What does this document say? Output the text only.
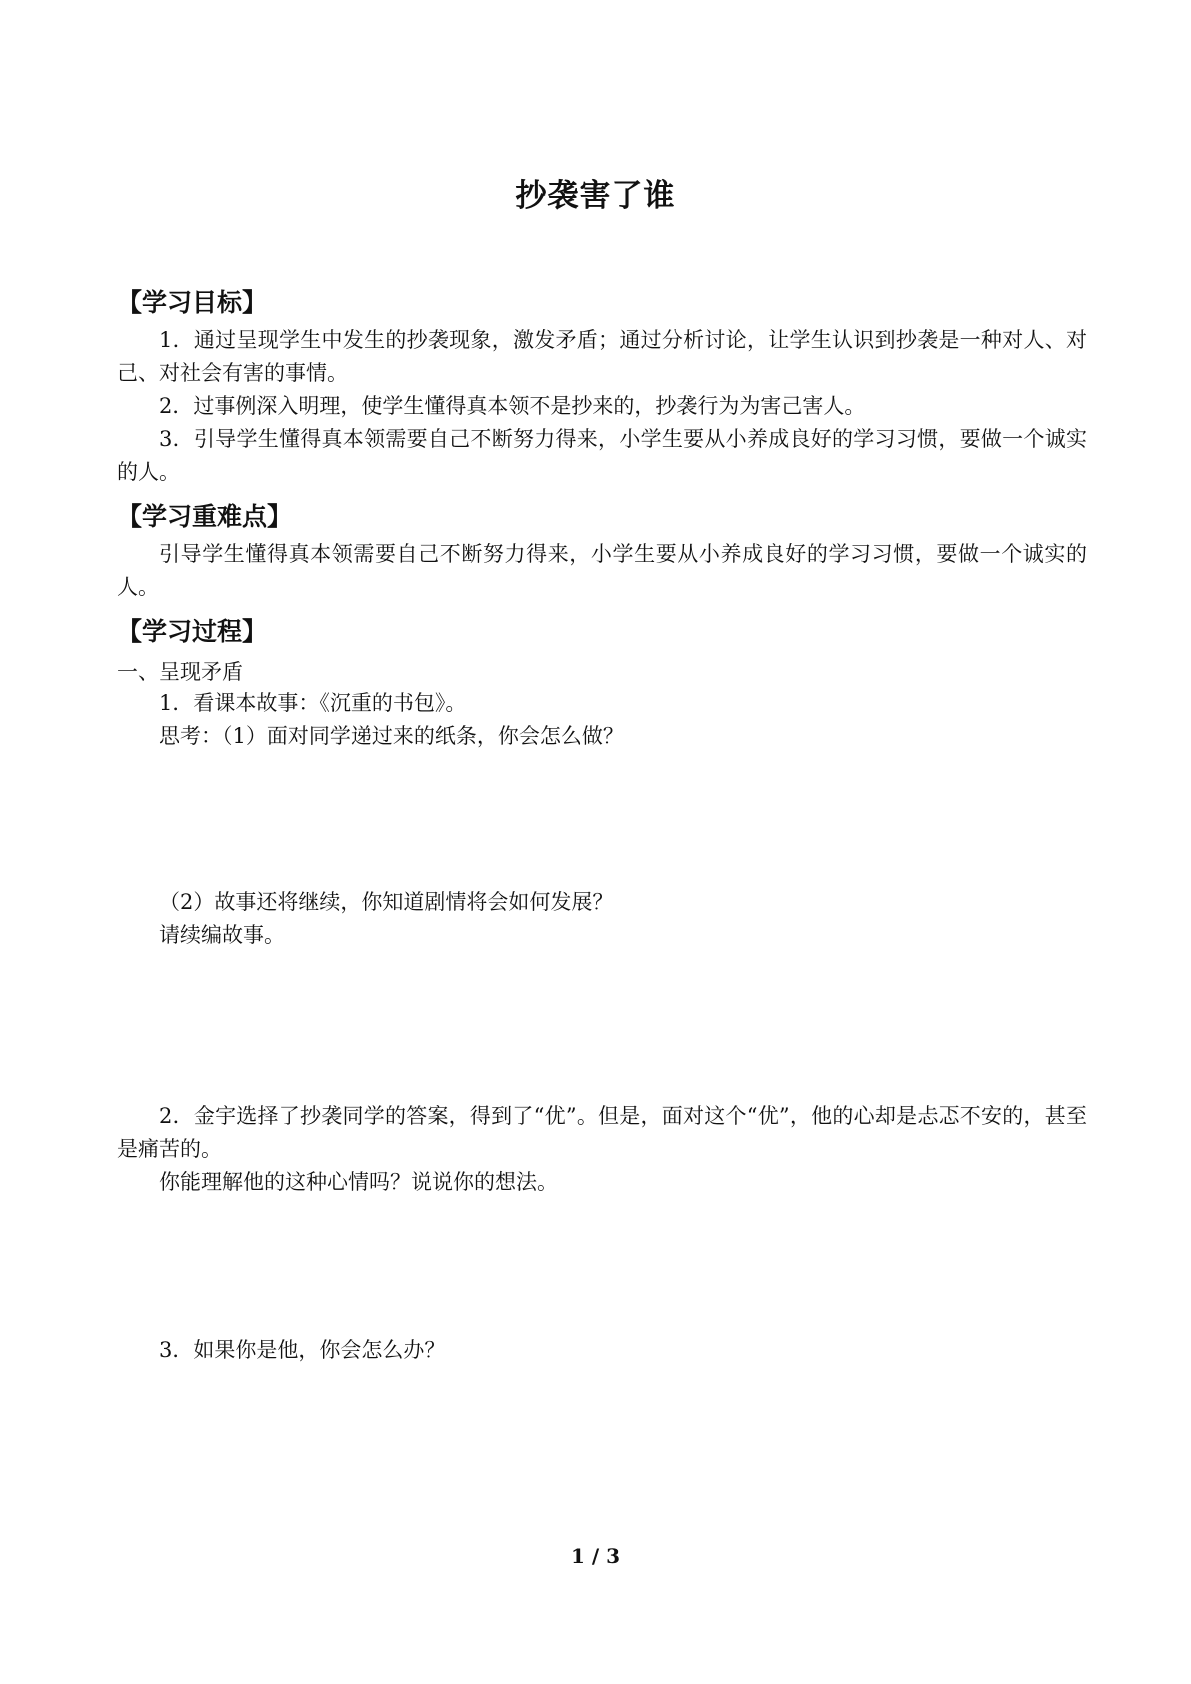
抄袭害了谁
【学习目标】
1．通过呈现学生中发生的抄袭现象，激发矛盾；通过分析讨论，让学生认识到抄袭是一种对人、对己、对社会有害的事情。
2．过事例深入明理，使学生懂得真本领不是抄来的，抄袭行为为害己害人。
3．引导学生懂得真本领需要自己不断努力得来，小学生要从小养成良好的学习习惯，要做一个诚实的人。
【学习重难点】
引导学生懂得真本领需要自己不断努力得来，小学生要从小养成良好的学习习惯，要做一个诚实的人。
【学习过程】
一、呈现矛盾
1．看课本故事：《沉重的书包》。
思考：（1）面对同学递过来的纸条，你会怎么做？
（2）故事还将继续，你知道剧情将会如何发展？
请续编故事。
2．金宇选择了抄袭同学的答案，得到了“优”。但是，面对这个“优”，他的心却是忐忑不安的，甚至是痛苦的。
你能理解他的这种心情吗？说说你的想法。
3．如果你是他，你会怎么办？
1 / 3
